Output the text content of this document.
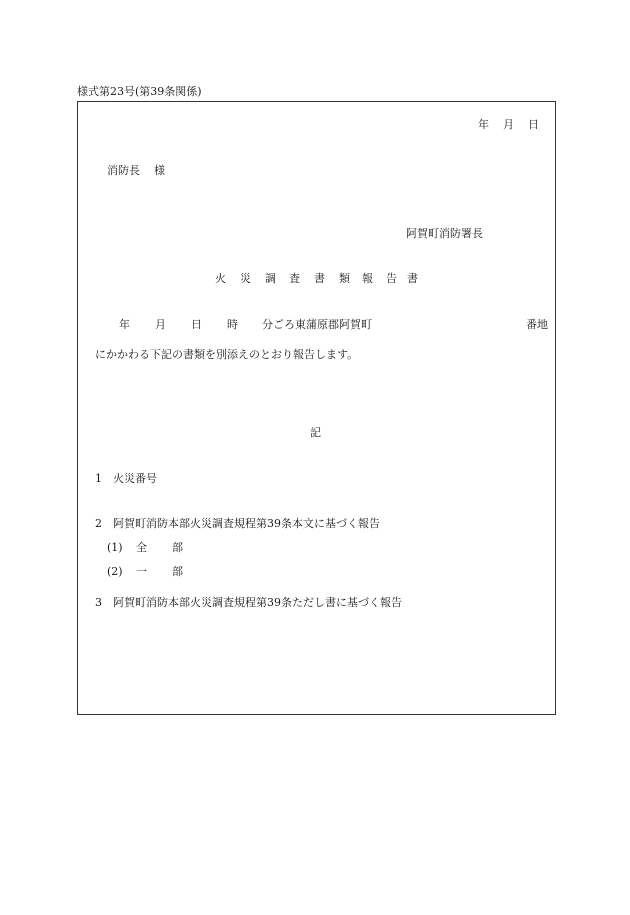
様式第23号(第39条関係)
年 月 日
消防長 様
阿賀町消防署長
火 災 調 査 書 類 報 告 書
年 月 日 時 分ごろ東蒲原郡阿賀町	番地
にかかわる下記の書類を別添えのとおり報告します。
記
1 火災番号
2 阿賀町消防本部火災調査規程第39条本文に基づく報告
(1) 全 部
(2) 一 部
3 阿賀町消防本部火災調査規程第39条ただし書に基づく報告
